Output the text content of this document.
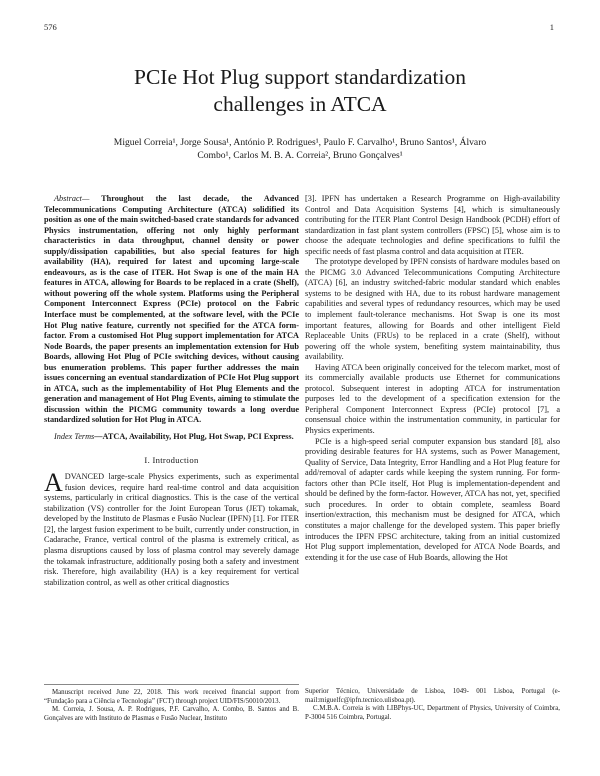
576	1
PCIe Hot Plug support standardization
challenges in ATCA
Miguel Correia¹, Jorge Sousa¹, António P. Rodrigues¹, Paulo F. Carvalho¹, Bruno Santos¹, Álvaro
Combo¹, Carlos M. B. A. Correia², Bruno Gonçalves¹

Abstract— Throughout the last decade, the Advanced Telecommunications Computing Architecture (ATCA) solidified its position as one of the main switched-based crate standards for advanced Physics instrumentation, offering not only highly performant characteristics in data throughput, channel density or power supply/dissipation capabilities, but also special features for high availability (HA), required for latest and upcoming large-scale endeavours, as is the case of ITER. Hot Swap is one of the main HA features in ATCA, allowing for Boards to be replaced in a crate (Shelf), without powering off the whole system. Platforms using the Peripheral Component Interconnect Express (PCIe) protocol on the Fabric Interface must be complemented, at the software level, with the PCIe Hot Plug native feature, currently not specified for the ATCA form-factor. From a customised Hot Plug support implementation for ATCA Node Boards, the paper presents an implementation extension for Hub Boards, allowing Hot Plug of PCIe switching devices, without causing bus enumeration problems. This paper further addresses the main issues concerning an eventual standardization of PCIe Hot Plug support in ATCA, such as the implementability of Hot Plug Elements and the generation and management of Hot Plug Events, aiming to stimulate the discussion within the PICMG community towards a long overdue standardized solution for Hot Plug in ATCA.

Index Terms—ATCA, Availability, Hot Plug, Hot Swap, PCI Express.

I. Introduction

ADVANCED large-scale Physics experiments, such as experimental fusion devices, require hard real-time control and data acquisition systems, particularly in critical diagnostics. This is the case of the vertical stabilization (VS) controller for the Joint European Torus (JET) tokamak, developed by the Instituto de Plasmas e Fusão Nuclear (IPFN) [1]. For ITER [2], the largest fusion experiment to be built, currently under construction, in Cadarache, France, vertical control of the plasma is extremely critical, as plasma disruptions caused by loss of plasma control may severely damage the tokamak infrastructure, additionally posing both a safety and investment risk. Therefore, high availability (HA) is a key requirement for vertical stabilization control, as well as other critical diagnostics

[3]. IPFN has undertaken a Research Programme on High-availability Control and Data Acquisition Systems [4], which is simultaneously contributing for the ITER Plant Control Design Handbook (PCDH) effort of standardization in fast plant system controllers (FPSC) [5], whose aim is to choose the adequate technologies and define specifications to fulfil the specific needs of fast plasma control and data acquisition at ITER.

The prototype developed by IPFN consists of hardware modules based on the PICMG 3.0 Advanced Telecommunications Computing Architecture (ATCA) [6], an industry switched-fabric modular standard which enables systems to be designed with HA, due to its robust hardware management capabilities and several types of redundancy resources, which may be used to implement fault-tolerance mechanisms. Hot Swap is one its most important features, allowing for Boards and other intelligent Field Replaceable Units (FRUs) to be replaced in a crate (Shelf), without powering off the whole system, benefiting system maintainability, thus availability.

Having ATCA been originally conceived for the telecom market, most of its commercially available products use Ethernet for communications protocol. Subsequent interest in adopting ATCA for instrumentation purposes led to the development of a specification extension for the Peripheral Component Interconnect Express (PCIe) protocol [7], a consensual choice within the instrumentation community, in particular for Physics experiments.

PCIe is a high-speed serial computer expansion bus standard [8], also providing desirable features for HA systems, such as Power Management, Quality of Service, Data Integrity, Error Handling and a Hot Plug feature for add/removal of adapter cards while keeping the system running. For form-factors other than PCIe itself, Hot Plug is implementation-dependent and should be defined by the form-factor. However, ATCA has not, yet, specified such procedures. In order to obtain complete, seamless Board insertion/extraction, this mechanism must be designed for ATCA, which constitutes a major challenge for the developed system. This paper briefly introduces the IPFN FPSC architecture, taking from an initial customized Hot Plug support implementation, developed for ATCA Node Boards, and extending it for the use case of Hub Boards, allowing the Hot

Manuscript received June 22, 2018. This work received financial support from “Fundação para a Ciência e Tecnologia” (FCT) through project UID/FIS/50010/2013.

M. Correia, J. Sousa, A. P. Rodrigues, P.F. Carvalho, A. Combo, B. Santos and B. Gonçalves are with Instituto de Plasmas e Fusão Nuclear, Instituto

Superior Técnico, Universidade de Lisboa, 1049- 001 Lisboa, Portugal (e-mail:miguelfc@ipfn.tecnico.ulisboa.pt).

C.M.B.A. Correia is with LIBPhys-UC, Department of Physics, University of Coimbra, P-3004 516 Coimbra, Portugal.
